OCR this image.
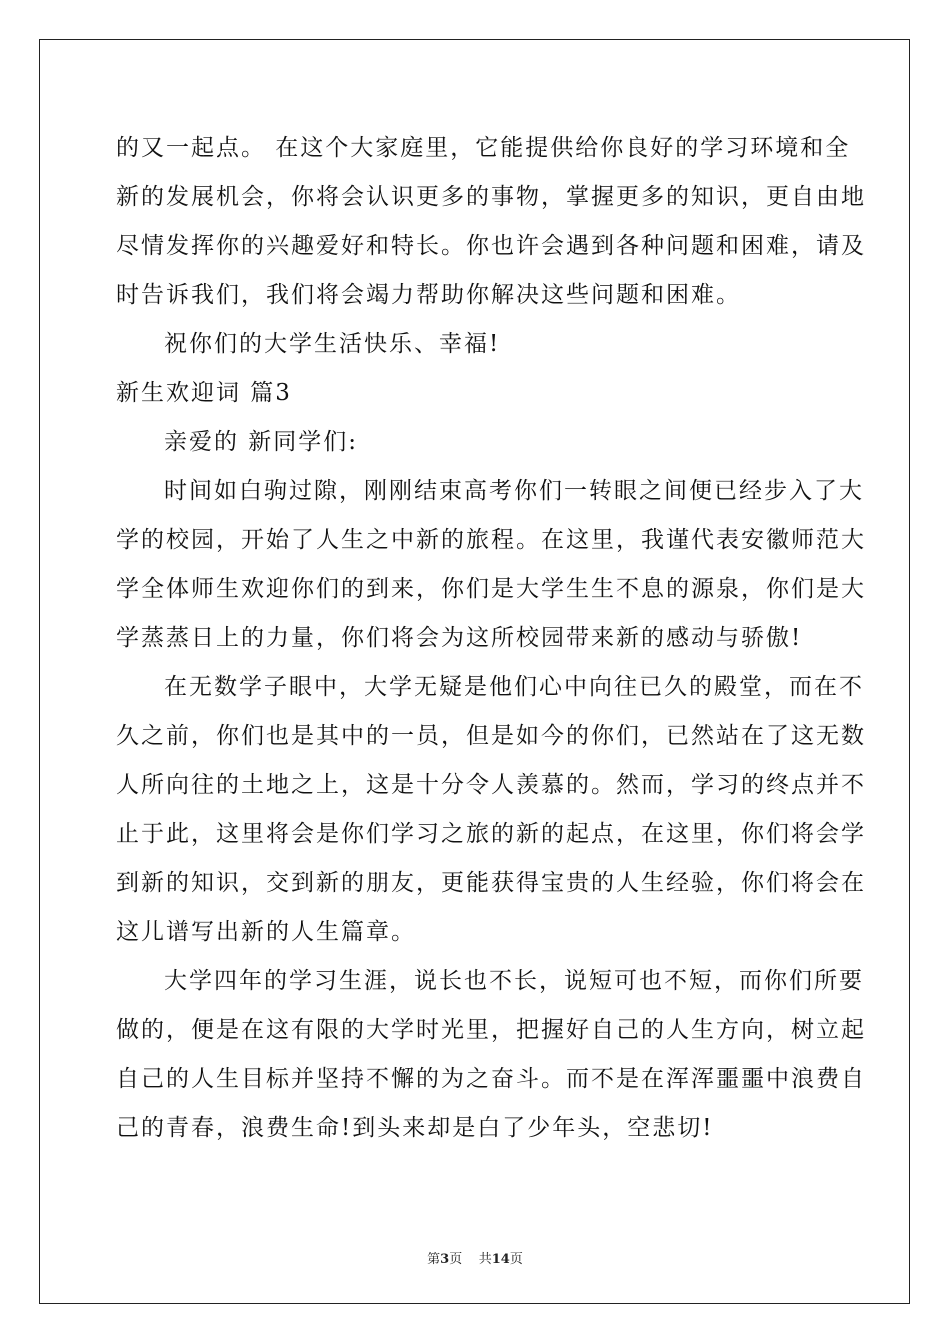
的又一起点。 在这个大家庭里，它能提供给你良好的学习环境和全
新的发展机会，你将会认识更多的事物，掌握更多的知识，更自由地
尽情发挥你的兴趣爱好和特长。你也许会遇到各种问题和困难，请及
时告诉我们，我们将会竭力帮助你解决这些问题和困难。
祝你们的大学生活快乐、幸福!
新生欢迎词 篇3
亲爱的 新同学们:
时间如白驹过隙，刚刚结束高考你们一转眼之间便已经步入了大
学的校园，开始了人生之中新的旅程。在这里，我谨代表安徽师范大
学全体师生欢迎你们的到来，你们是大学生生不息的源泉，你们是大
学蒸蒸日上的力量，你们将会为这所校园带来新的感动与骄傲!
在无数学子眼中，大学无疑是他们心中向往已久的殿堂，而在不
久之前，你们也是其中的一员，但是如今的你们，已然站在了这无数
人所向往的土地之上，这是十分令人羡慕的。然而，学习的终点并不
止于此，这里将会是你们学习之旅的新的起点，在这里，你们将会学
到新的知识，交到新的朋友，更能获得宝贵的人生经验，你们将会在
这儿谱写出新的人生篇章。
大学四年的学习生涯，说长也不长，说短可也不短，而你们所要
做的，便是在这有限的大学时光里，把握好自己的人生方向，树立起
自己的人生目标并坚持不懈的为之奋斗。而不是在浑浑噩噩中浪费自
己的青春，浪费生命!到头来却是白了少年头，空悲切!
第3页 共14页
